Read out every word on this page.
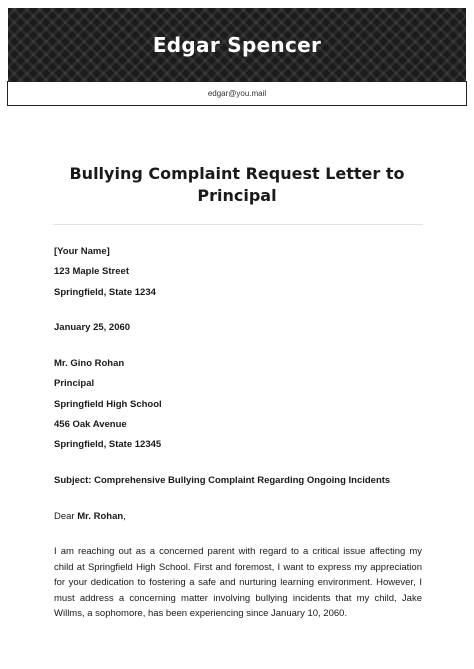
Edgar Spencer
edgar@you.mail
Bullying Complaint Request Letter to Principal
[Your Name]
123 Maple Street
Springfield, State 1234
January 25, 2060
Mr. Gino Rohan
Principal
Springfield High School
456 Oak Avenue
Springfield, State 12345
Subject: Comprehensive Bullying Complaint Regarding Ongoing Incidents
Dear Mr. Rohan,
I am reaching out as a concerned parent with regard to a critical issue affecting my child at Springfield High School. First and foremost, I want to express my appreciation for your dedication to fostering a safe and nurturing learning environment. However, I must address a concerning matter involving bullying incidents that my child, Jake Willms, a sophomore, has been experiencing since January 10, 2060.
